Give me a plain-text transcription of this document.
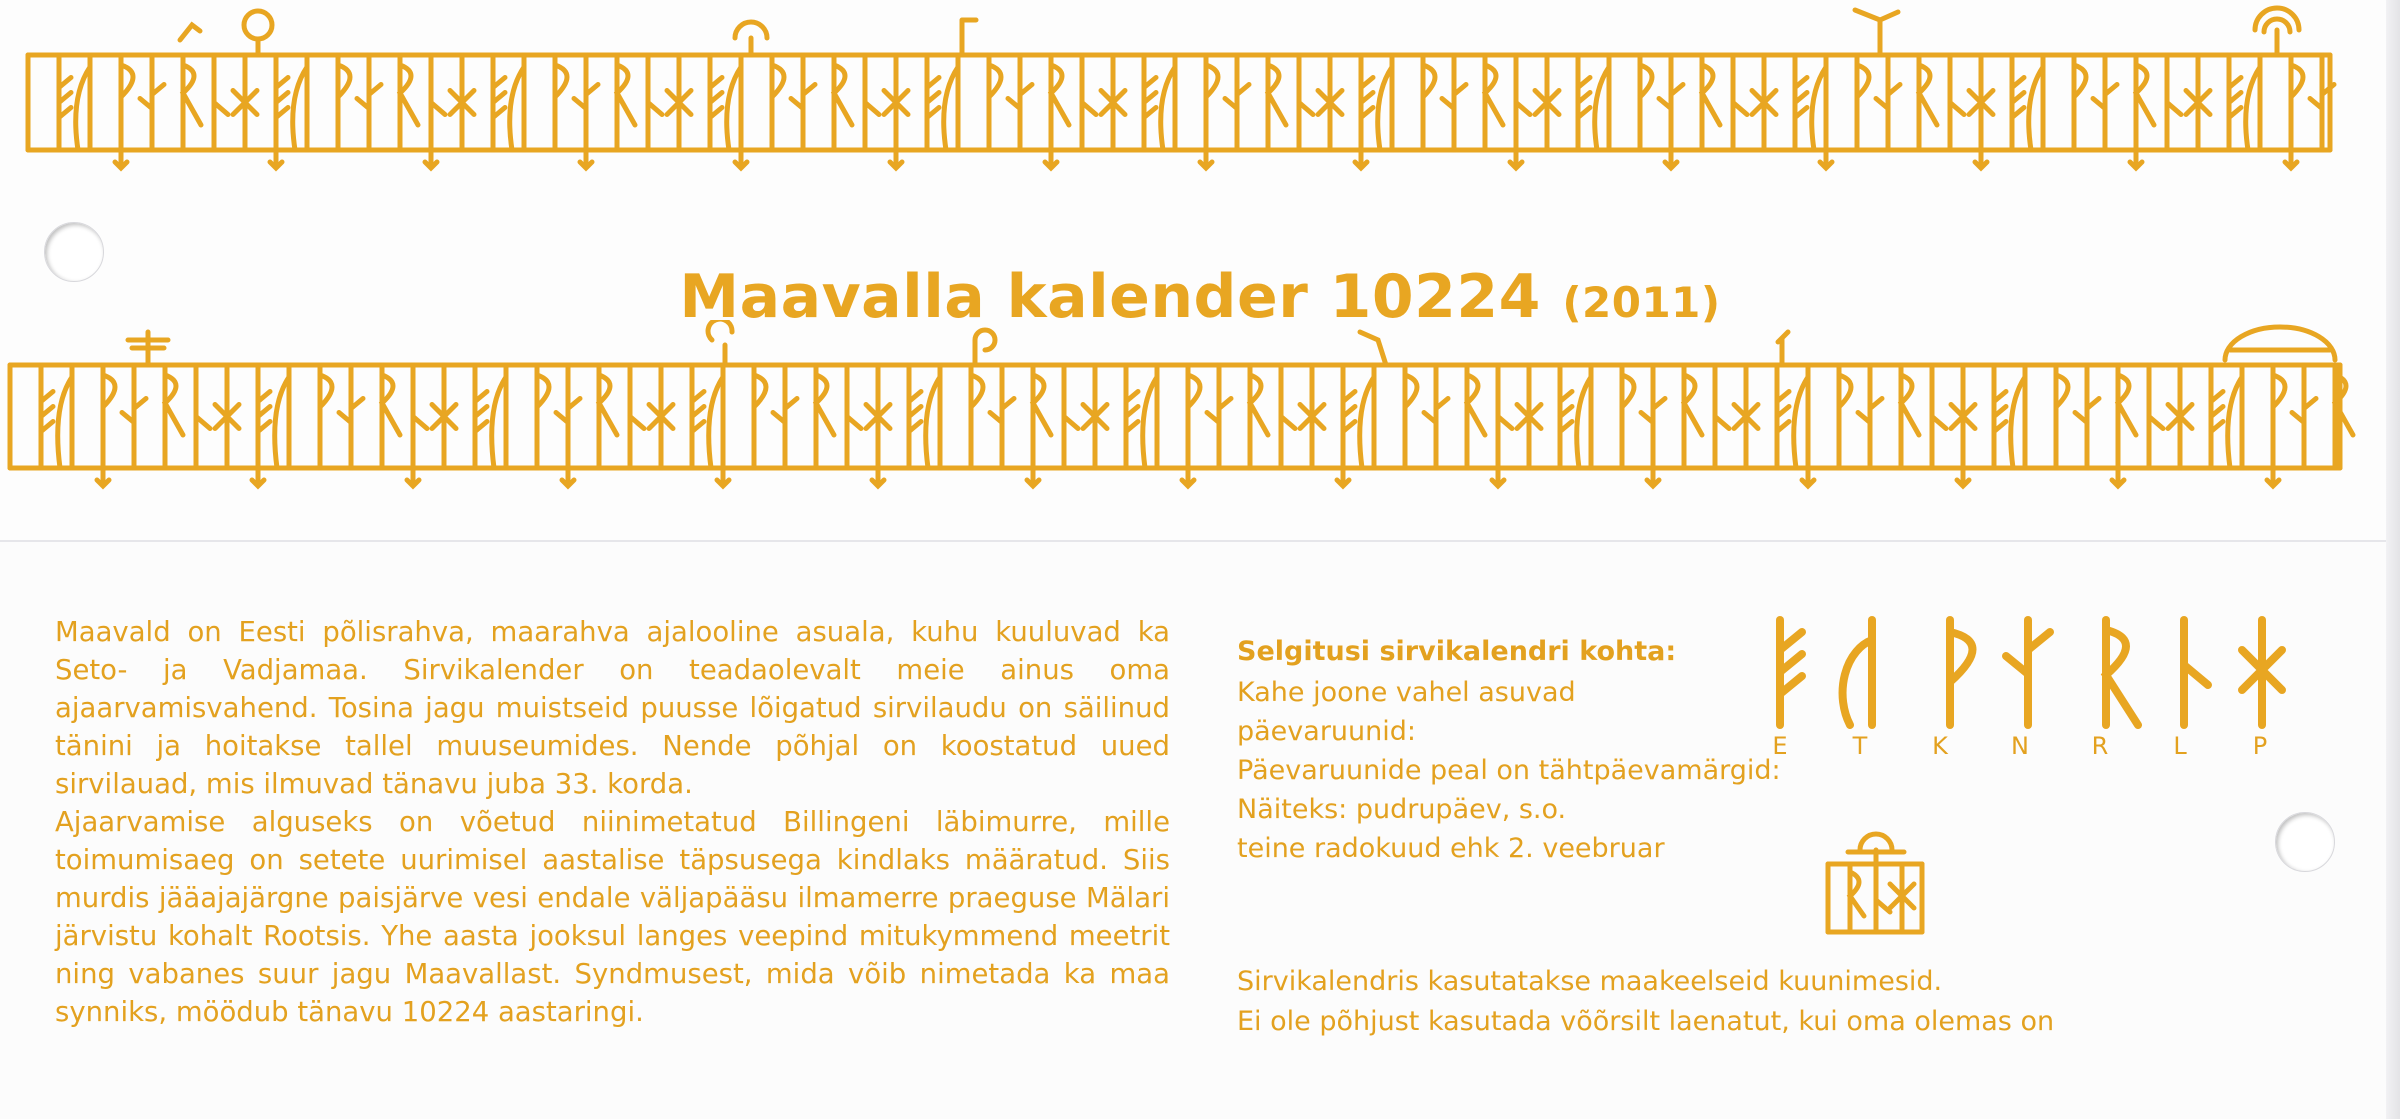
Maavalla kalender 10224 (2011)

Maavald on Eesti põlisrahva, maarahva ajalooline asuala, kuhu kuuluvad ka Seto- ja Vadjamaa. Sirvikalender on teadaolevalt meie ainus oma ajaarvamisvahend. Tosina jagu muistseid puusse lõigatud sirvilaudu on säilinud tänini ja hoitakse tallel muuseumides. Nende põhjal on koostatud uued sirvilauad, mis ilmuvad tänavu juba 33. korda.

Ajaarvamise alguseks on võetud niinimetatud Billingeni läbimurre, mille toimumisaeg on setete uurimisel aastalise täpsusega kindlaks määratud. Siis murdis jääajajärgne paisjärve vesi endale väljapääsu ilmamerre praeguse Mälari järvistu kohalt Rootsis. Yhe aasta jooksul langes veepind mitukymmend meetrit ning vabanes suur jagu Maavallast. Syndmusest, mida võib nimetada ka maa synniks, möödub tänavu 10224 aastaringi.

Selgitusi sirvikalendri kohta:
Kahe joone vahel asuvad
päevaruunid:
Päevaruunide peal on tähtpäevamärgid:
Näiteks: pudrupäev, s.o.
teine radokuud ehk 2. veebruar
E	T	K	N	R	L	P
Sirvikalendris kasutatakse maakeelseid kuunimesid.
Ei ole põhjust kasutada võõrsilt laenatut, kui oma olemas on
